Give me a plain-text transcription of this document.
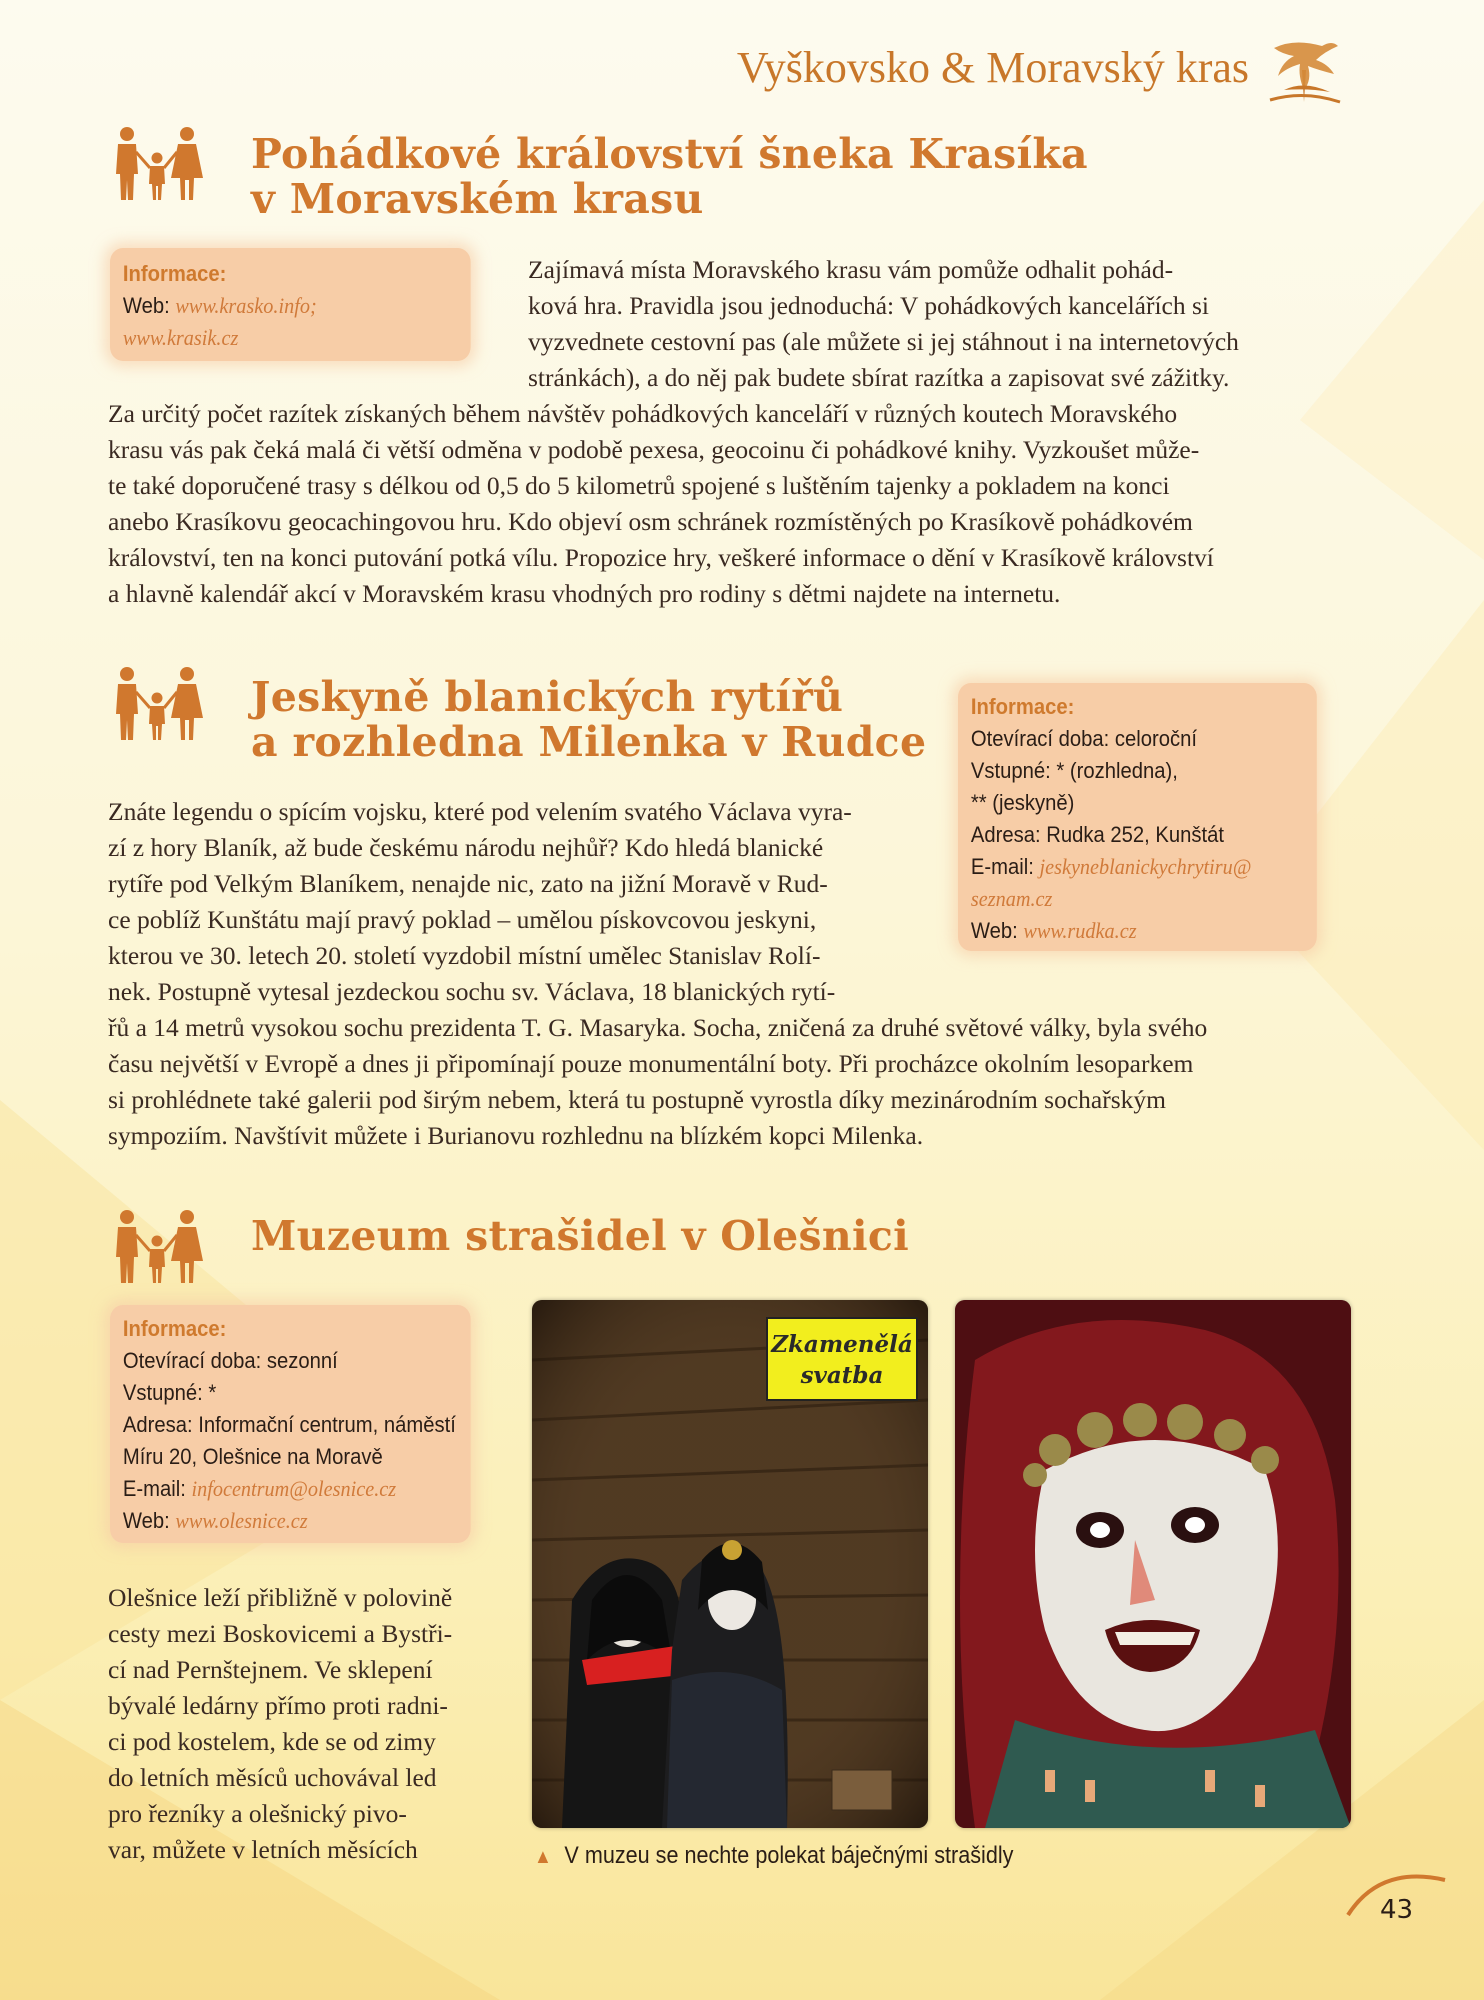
Vyškovsko & Moravský kras
Pohádkové království šneka Krasíka
v Moravském krasu
Informace:
Web: www.krasko.info;
www.krasik.cz
Zajímavá místa Moravského krasu vám pomůže odhalit pohád-
ková hra. Pravidla jsou jednoduchá: V pohádkových kancelářích si
vyzvednete cestovní pas (ale můžete si jej stáhnout i na internetových
stránkách), a do něj pak budete sbírat razítka a zapisovat své zážitky.
Za určitý počet razítek získaných během návštěv pohádkových kanceláří v různých koutech Moravského
krasu vás pak čeká malá či větší odměna v podobě pexesa, geocoinu či pohádkové knihy. Vyzkoušet může-
te také doporučené trasy s délkou od 0,5 do 5 kilometrů spojené s luštěním tajenky a pokladem na konci
anebo Krasíkovu geocachingovou hru. Kdo objeví osm schránek rozmístěných po Krasíkově pohádkovém
království, ten na konci putování potká vílu. Propozice hry, veškeré informace o dění v Krasíkově království
a hlavně kalendář akcí v Moravském krasu vhodných pro rodiny s dětmi najdete na internetu.
Jeskyně blanických rytířů
a rozhledna Milenka v Rudce
Informace:
Otevírací doba: celoroční
Vstupné: * (rozhledna),
** (jeskyně)
Adresa: Rudka 252, Kunštát
E-mail: jeskyneblanickychrytiru@
seznam.cz
Web: www.rudka.cz
Znáte legendu o spícím vojsku, které pod velením svatého Václava vyra-
zí z hory Blaník, až bude českému národu nejhůř? Kdo hledá blanické
rytíře pod Velkým Blaníkem, nenajde nic, zato na jižní Moravě v Rud-
ce poblíž Kunštátu mají pravý poklad – umělou pískovcovou jeskyni,
kterou ve 30. letech 20. století vyzdobil místní umělec Stanislav Rolí-
nek. Postupně vytesal jezdeckou sochu sv. Václava, 18 blanických rytí-
řů a 14 metrů vysokou sochu prezidenta T. G. Masaryka. Socha, zničená za druhé světové války, byla svého
času největší v Evropě a dnes ji připomínají pouze monumentální boty. Při procházce okolním lesoparkem
si prohlédnete také galerii pod širým nebem, která tu postupně vyrostla díky mezinárodním sochařským
sympoziím. Navštívit můžete i Burianovu rozhlednu na blízkém kopci Milenka.
Muzeum strašidel v Olešnici
Informace:
Otevírací doba: sezonní
Vstupné: *
Adresa: Informační centrum, náměstí
Míru 20, Olešnice na Moravě
E-mail: infocentrum@olesnice.cz
Web: www.olesnice.cz
Olešnice leží přibližně v polovině
cesty mezi Boskovicemi a Bystři-
cí nad Pernštejnem. Ve sklepení
bývalé ledárny přímo proti radni-
ci pod kostelem, kde se od zimy
do letních měsíců uchovával led
pro řezníky a olešnický pivo-
var, můžete v letních měsících
Zkamenělá
svatba
▲ V muzeu se nechte polekat báječnými strašidly
43
